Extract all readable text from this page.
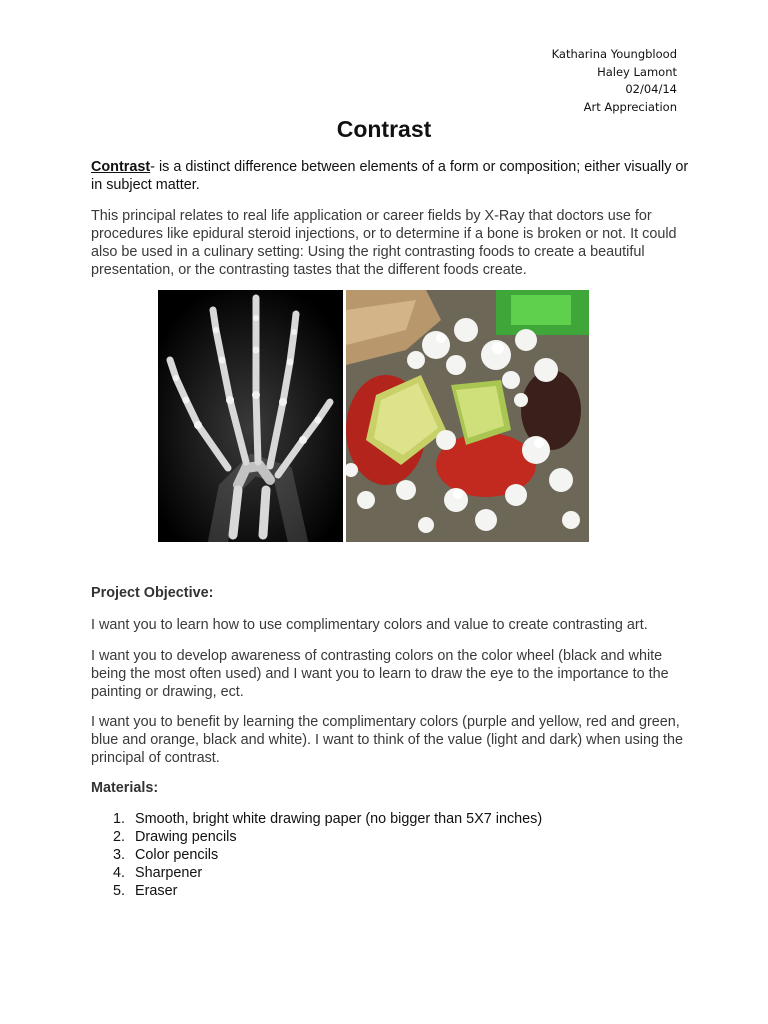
Katharina Youngblood
Haley Lamont
02/04/14
Art Appreciation
Contrast

Contrast- is a distinct difference between elements of a form or composition; either visually or in subject matter.

This principal relates to real life application or career fields by X-Ray that doctors use for procedures like epidural steroid injections, or to determine if a bone is broken or not. It could also be used in a culinary setting: Using the right contrasting foods to create a beautiful presentation, or the contrasting tastes that the different foods create.

Project Objective:

I want you to learn how to use complimentary colors and value to create contrasting art.

I want you to develop awareness of contrasting colors on the color wheel (black and white being the most often used) and I want you to learn to draw the eye to the importance to the painting or drawing, ect.

I want you to benefit by learning the complimentary colors (purple and yellow, red and green, blue and orange, black and white). I want to think of the value (light and dark) when using the principal of contrast.

Materials:
1. Smooth, bright white drawing paper (no bigger than 5X7 inches)
2. Drawing pencils
3. Color pencils
4. Sharpener
5. Eraser
